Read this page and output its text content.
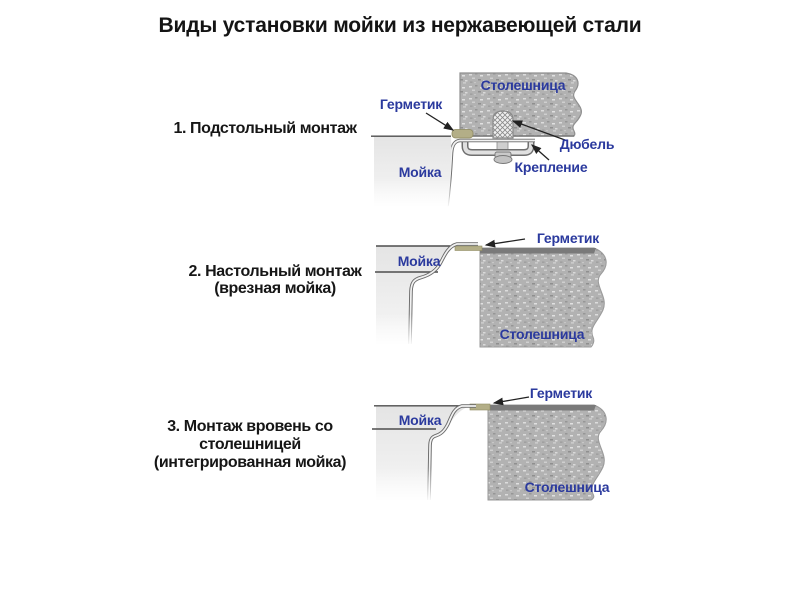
Виды установки мойки из нержавеющей стали
1. Подстольный монтаж
2. Настольный монтаж
(врезная мойка)
3. Монтаж вровень со
столешницей
(интегрированная мойка)
Столешница
Мойка
Герметик
Дюбель
Крепление
Столешница
Мойка
Герметик
Столешница
Мойка
Герметик
